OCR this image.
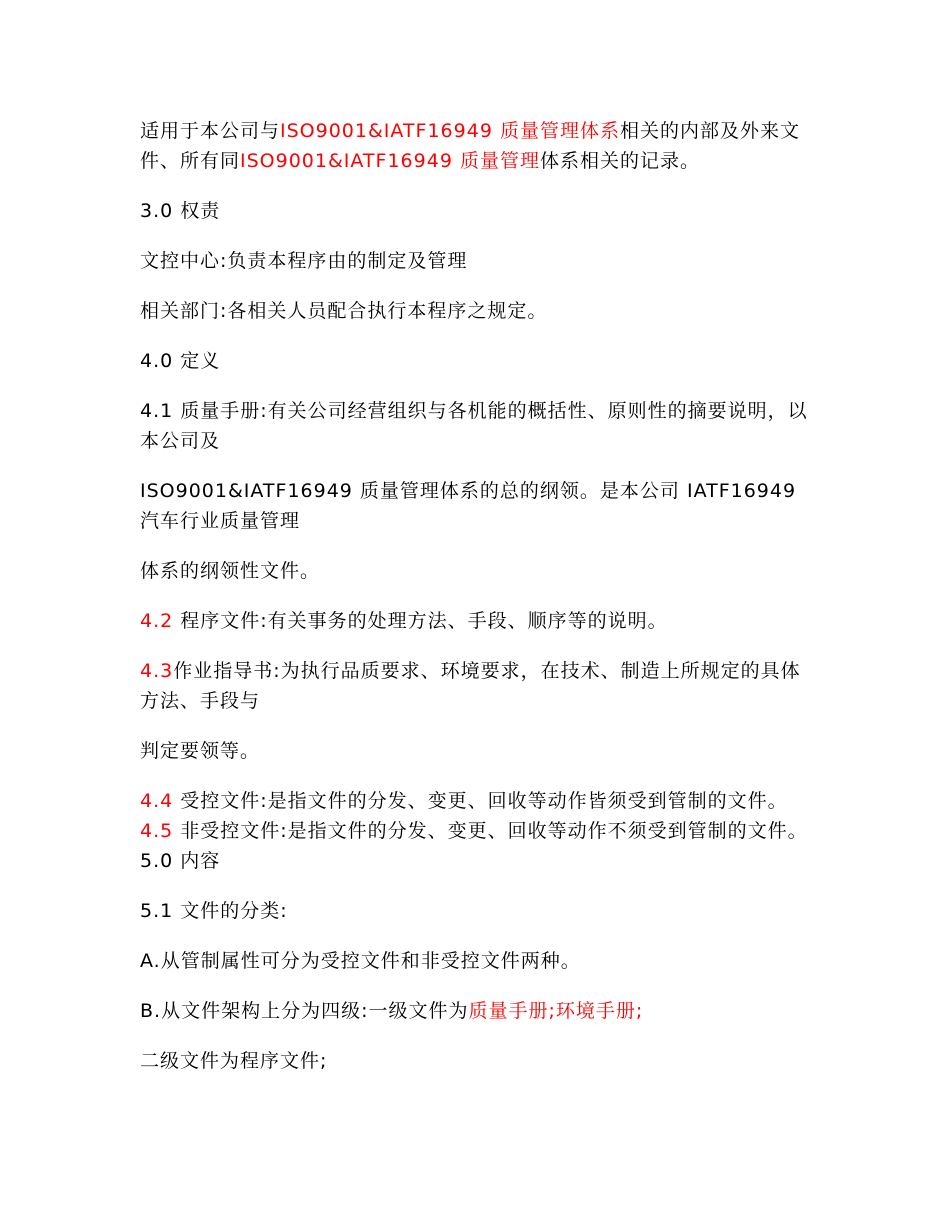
适用于本公司与ISO9001&IATF16949 质量管理体系相关的内部及外来文件、所有同ISO9001&IATF16949 质量管理体系相关的记录。

3.0 权责

文控中心:负责本程序由的制定及管理

相关部门:各相关人员配合执行本程序之规定。

4.0 定义

4.1 质量手册:有关公司经营组织与各机能的概括性、原则性的摘要说明，以本公司及

ISO9001&IATF16949 质量管理体系的总的纲领。是本公司 IATF16949 汽车行业质量管理

体系的纲领性文件。

4.2 程序文件:有关事务的处理方法、手段、顺序等的说明。

4.3作业指导书:为执行品质要求、环境要求，在技术、制造上所规定的具体方法、手段与

判定要领等。

4.4 受控文件:是指文件的分发、变更、回收等动作皆须受到管制的文件。 4.5 非受控文件:是指文件的分发、变更、回收等动作不须受到管制的文件。 5.0 内容

5.1 文件的分类:

A.从管制属性可分为受控文件和非受控文件两种。

B.从文件架构上分为四级:一级文件为质量手册;环境手册;

二级文件为程序文件;
